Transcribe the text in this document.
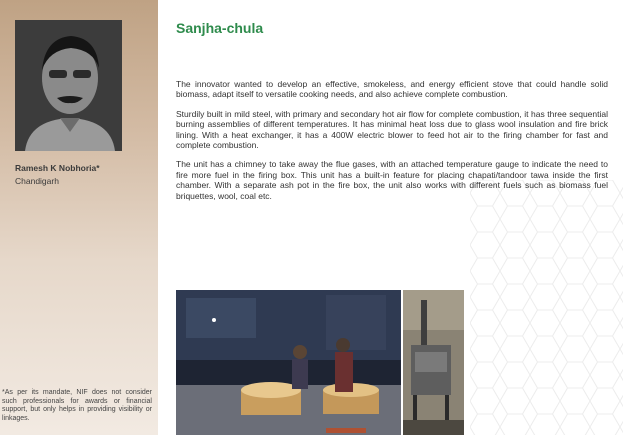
Ramesh K Nobhoria*
Chandigarh
*As per its mandate, NIF does not consider such professionals for awards or financial support, but only helps in providing visibility or linkages.
Sanjha-chula

The innovator wanted to develop an effective, smokeless, and energy efficient stove that could handle solid biomass, adapt itself to versatile cooking needs, and also achieve complete combustion.

Sturdily built in mild steel, with primary and secondary hot air flow for complete combustion, it has three sequential burning assemblies of different temperatures. It has minimal heat loss due to glass wool insulation and fire brick lining. With a heat exchanger, it has a 400W electric blower to feed hot air to the firing chamber for fast and complete combustion.

The unit has a chimney to take away the flue gases, with an attached temperature gauge to indicate the need to fire more fuel in the firing box. This unit has a built-in feature for placing chapati/tandoor tawa inside the first chamber. With a separate ash pot in the fire box, the unit also works with different fuels such as biomass fuel briquettes, wool, coal etc.
